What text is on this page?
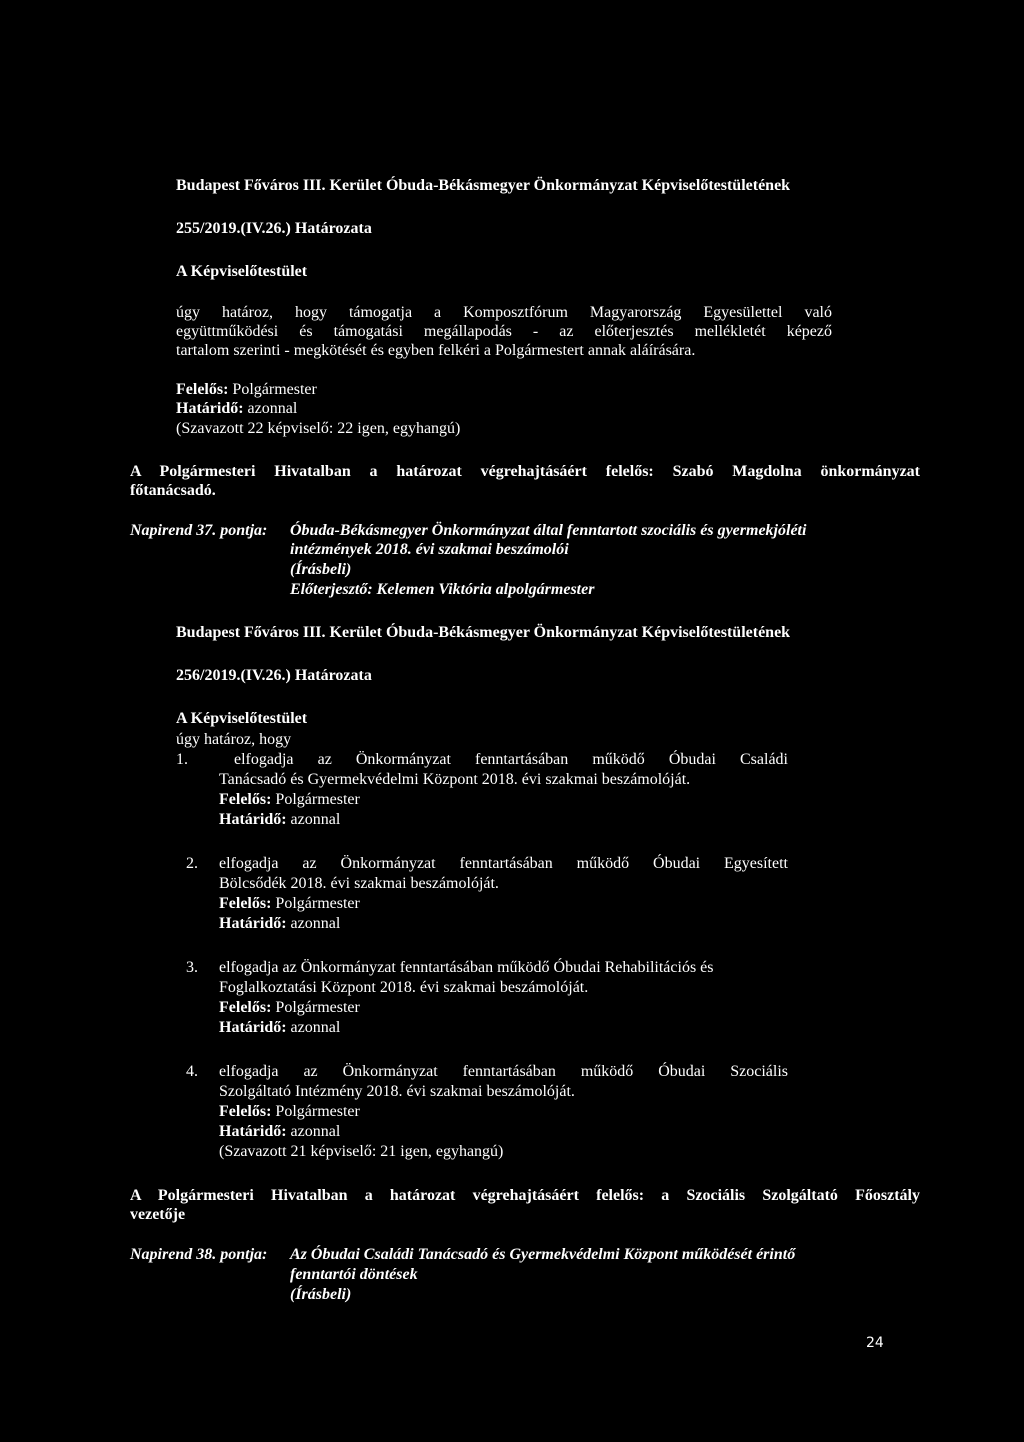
Budapest Főváros III. Kerület Óbuda-Békásmegyer Önkormányzat Képviselőtestületének
255/2019.(IV.26.) Határozata
A Képviselőtestület

úgy határoz, hogy támogatja a Komposztfórum Magyarország Egyesülettel való

együttműködési és támogatási megállapodás - az előterjesztés mellékletét képező

tartalom szerinti - megkötését és egyben felkéri a Polgármestert annak aláírására.

Felelős: Polgármester
Határidő: azonnal
(Szavazott 22 képviselő: 22 igen, egyhangú)
A Polgármesteri Hivatalban a határozat végrehajtásáért felelős: Szabó Magdolna önkormányzat
főtanácsadó.
Napirend 37. pontja: Óbuda-Békásmegyer Önkormányzat által fenntartott szociális és gyermekjóléti
intézmények 2018. évi szakmai beszámolói
(Írásbeli)
Előterjesztő: Kelemen Viktória alpolgármester
Budapest Főváros III. Kerület Óbuda-Békásmegyer Önkormányzat Képviselőtestületének
256/2019.(IV.26.) Határozata
A Képviselőtestület
úgy határoz, hogy

1.	elfogadja az Önkormányzat fenntartásában működő Óbudai Családi

Tanácsadó és Gyermekvédelmi Központ 2018. évi szakmai beszámolóját.
Felelős: Polgármester
Határidő: azonnal

2. elfogadja az Önkormányzat fenntartásában működő Óbudai Egyesített

Bölcsődék 2018. évi szakmai beszámolóját.
Felelős: Polgármester
Határidő: azonnal

3. elfogadja az Önkormányzat fenntartásában működő Óbudai Rehabilitációs és

Foglalkoztatási Központ 2018. évi szakmai beszámolóját.
Felelős: Polgármester
Határidő: azonnal

4. elfogadja az Önkormányzat fenntartásában működő Óbudai Szociális

Szolgáltató Intézmény 2018. évi szakmai beszámolóját.
Felelős: Polgármester
Határidő: azonnal
(Szavazott 21 képviselő: 21 igen, egyhangú)
A Polgármesteri Hivatalban a határozat végrehajtásáért felelős: a Szociális Szolgáltató Főosztály
vezetője
Napirend 38. pontja: Az Óbudai Családi Tanácsadó és Gyermekvédelmi Központ működését érintő
fenntartói döntések
(Írásbeli)
24
